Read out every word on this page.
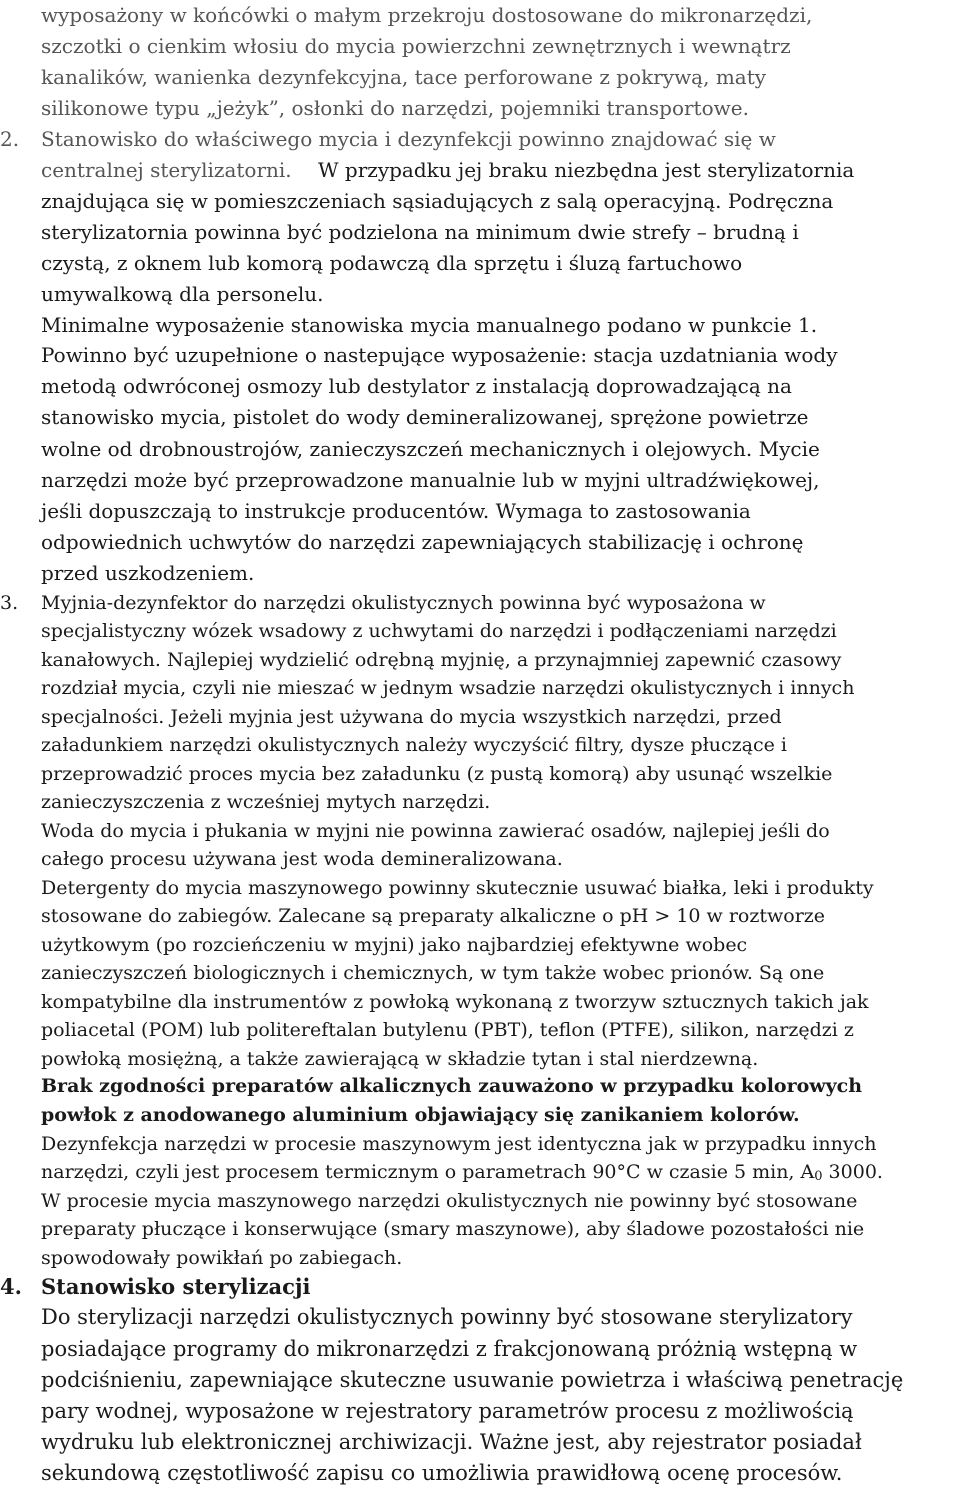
wyposażony w końcówki o małym przekroju dostosowane do mikronarzędzi,
szczotki o cienkim włosiu do mycia powierzchni zewnętrznych i wewnątrz
kanalików, wanienka dezynfekcyjna, tace perforowane z pokrywą, maty
silikonowe typu „jeżyk”, osłonki do narzędzi, pojemniki transportowe.
2. Stanowisko do właściwego mycia i dezynfekcji powinno znajdować się w
centralnej sterylizatorni. W przypadku jej braku niezbędna jest sterylizatornia
znajdująca się w pomieszczeniach sąsiadujących z salą operacyjną. Podręczna
sterylizatornia powinna być podzielona na minimum dwie strefy – brudną i
czystą, z oknem lub komorą podawczą dla sprzętu i śluzą fartuchowo
umywalkową dla personelu.
Minimalne wyposażenie stanowiska mycia manualnego podano w punkcie 1.
Powinno być uzupełnione o nastepujące wyposażenie: stacja uzdatniania wody
metodą odwróconej osmozy lub destylator z instalacją doprowadzającą na
stanowisko mycia, pistolet do wody demineralizowanej, sprężone powietrze
wolne od drobnoustrojów, zanieczyszczeń mechanicznych i olejowych. Mycie
narzędzi może być przeprowadzone manualnie lub w myjni ultradźwiękowej,
jeśli dopuszczają to instrukcje producentów. Wymaga to zastosowania
odpowiednich uchwytów do narzędzi zapewniających stabilizację i ochronę
przed uszkodzeniem.
3. Myjnia-dezynfektor do narzędzi okulistycznych powinna być wyposażona w
specjalistyczny wózek wsadowy z uchwytami do narzędzi i podłączeniami narzędzi
kanałowych. Najlepiej wydzielić odrębną myjnię, a przynajmniej zapewnić czasowy
rozdział mycia, czyli nie mieszać w jednym wsadzie narzędzi okulistycznych i innych
specjalności. Jeżeli myjnia jest używana do mycia wszystkich narzędzi, przed
załadunkiem narzędzi okulistycznych należy wyczyścić filtry, dysze płuczące i
przeprowadzić proces mycia bez załadunku (z pustą komorą) aby usunąć wszelkie
zanieczyszczenia z wcześniej mytych narzędzi.
Woda do mycia i płukania w myjni nie powinna zawierać osadów, najlepiej jeśli do
całego procesu używana jest woda demineralizowana.
Detergenty do mycia maszynowego powinny skutecznie usuwać białka, leki i produkty
stosowane do zabiegów. Zalecane są preparaty alkaliczne o pH > 10 w roztworze
użytkowym (po rozcieńczeniu w myjni) jako najbardziej efektywne wobec
zanieczyszczeń biologicznych i chemicznych, w tym także wobec prionów. Są one
kompatybilne dla instrumentów z powłoką wykonaną z tworzyw sztucznych takich jak
poliacetal (POM) lub politereftalan butylenu (PBT), teflon (PTFE), silikon, narzędzi z
powłoką mosiężną, a także zawierającą w składzie tytan i stal nierdzewną.
Brak zgodności preparatów alkalicznych zauważono w przypadku kolorowych
powłok z anodowanego aluminium objawiający się zanikaniem kolorów.
Dezynfekcja narzędzi w procesie maszynowym jest identyczna jak w przypadku innych
narzędzi, czyli jest procesem termicznym o parametrach 90°C w czasie 5 min, A0 3000.
W procesie mycia maszynowego narzędzi okulistycznych nie powinny być stosowane
preparaty płuczące i konserwujące (smary maszynowe), aby śladowe pozostałości nie
spowodowały powikłań po zabiegach.
4. Stanowisko sterylizacji
Do sterylizacji narzędzi okulistycznych powinny być stosowane sterylizatory
posiadające programy do mikronarzędzi z frakcjonowaną próżnią wstępną w
podciśnieniu, zapewniające skuteczne usuwanie powietrza i właściwą penetrację
pary wodnej, wyposażone w rejestratory parametrów procesu z możliwością
wydruku lub elektronicznej archiwizacji. Ważne jest, aby rejestrator posiadał
sekundową częstotliwość zapisu co umożliwia prawidłową ocenę procesów.
